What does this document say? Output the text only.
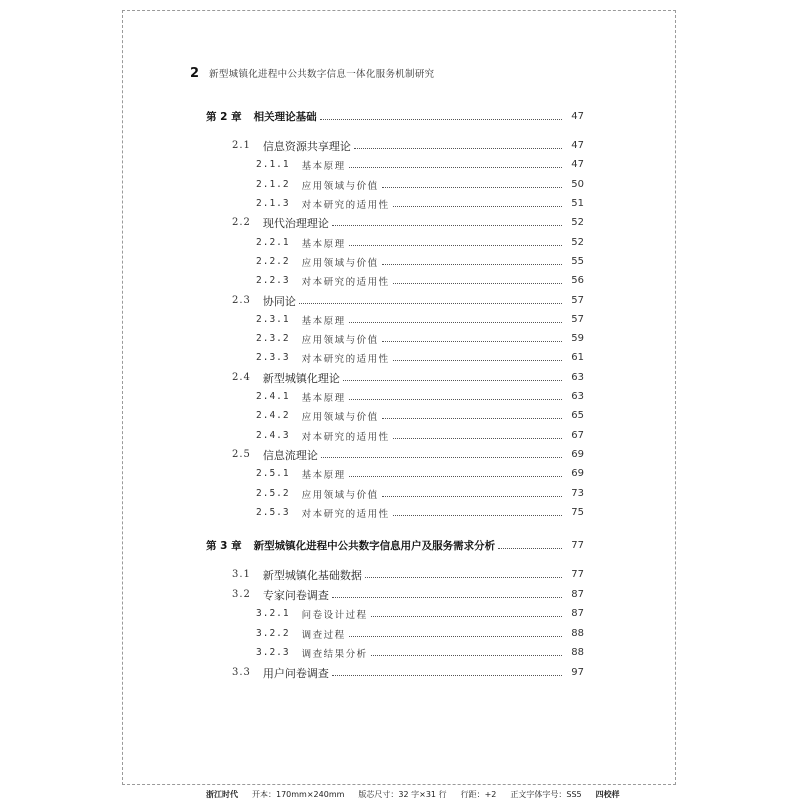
2 新型城镇化进程中公共数字信息一体化服务机制研究
第 2 章 相关理论基础	47
2.1 信息资源共享理论	47
2.1.1 基本原理	47
2.1.2 应用领域与价值	50
2.1.3 对本研究的适用性	51
2.2 现代治理理论	52
2.2.1 基本原理	52
2.2.2 应用领域与价值	55
2.2.3 对本研究的适用性	56
2.3 协同论	57
2.3.1 基本原理	57
2.3.2 应用领域与价值	59
2.3.3 对本研究的适用性	61
2.4 新型城镇化理论	63
2.4.1 基本原理	63
2.4.2 应用领域与价值	65
2.4.3 对本研究的适用性	67
2.5 信息流理论	69
2.5.1 基本原理	69
2.5.2 应用领域与价值	73
2.5.3 对本研究的适用性	75
第 3 章 新型城镇化进程中公共数字信息用户及服务需求分析	77
3.1 新型城镇化基础数据	77
3.2 专家问卷调查	87
3.2.1 问卷设计过程	87
3.2.2 调查过程	88
3.2.3 调查结果分析	88
3.3 用户问卷调查	97
浙江时代 开本：170mm×240mm 版芯尺寸：32 字×31 行 行距：+2 正文字体字号：SS5 四校样
